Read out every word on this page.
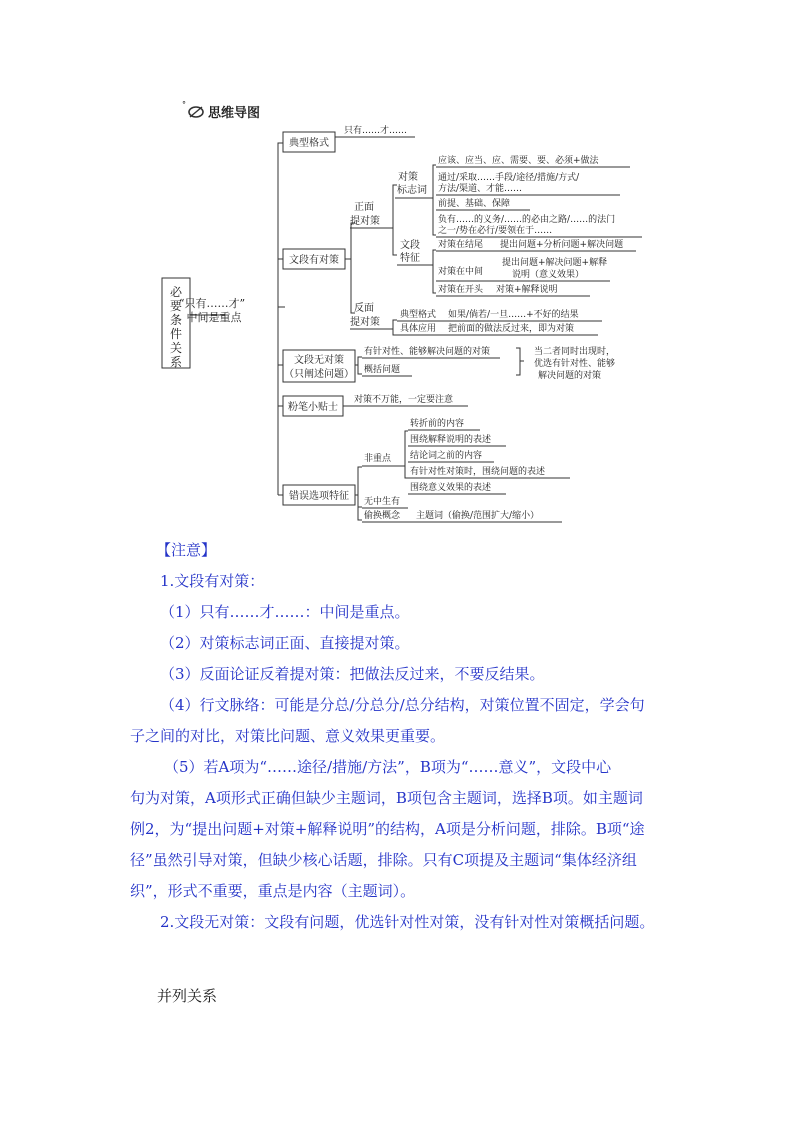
°
思维导图
必
要
条
件
关
系
“只有……才”
中间是重点
典型格式
只有……才……
文段有对策
正面
提对策
对策
标志词
应该、应当、应、需要、要、必须+做法
通过/采取……手段/途径/措施/方式/
方法/渠道、才能……
前提、基础、保障
负有……的义务/……的必由之路/……的法门
之一/势在必行/要领在于……
文段
特征
对策在结尾 提出问题+分析问题+解决问题
提出问题+解决问题+解释
对策在中间	说明（意义效果）
对策在开头 对策+解释说明
反面
提对策
典型格式 如果/倘若/一旦……+不好的结果
具体应用 把前面的做法反过来，即为对策
文段无对策
（只阐述问题）
有针对性、能够解决问题的对策
概括问题
当二者同时出现时，
优选有针对性、能够
解决问题的对策
粉笔小贴士
对策不万能，一定要注意
错误选项特征
非重点
转折前的内容
围绕解释说明的表述
结论词之前的内容
有针对性对策时，围绕问题的表述
围绕意义效果的表述
无中生有
偷换概念 主题词（偷换/范围扩大/缩小）

【注意】

1.文段有对策：

（1）只有……才……：中间是重点。

（2）对策标志词正面、直接提对策。

（3）反面论证反着提对策：把做法反过来，不要反结果。

（4）行文脉络：可能是分总/分总分/总分结构，对策位置不固定，学会句

子之间的对比，对策比问题、意义效果更重要。

（5）若A项为“……途径/措施/方法”，B项为“……意义”，文段中心

句为对策，A项形式正确但缺少主题词，B项包含主题词，选择B项。如主题词

例2，为“提出问题+对策+解释说明”的结构，A项是分析问题，排除。B项“途

径”虽然引导对策，但缺少核心话题，排除。只有C项提及主题词“集体经济组

织”，形式不重要，重点是内容（主题词）。

2.文段无对策：文段有问题，优选针对性对策，没有针对性对策概括问题。

并列关系
